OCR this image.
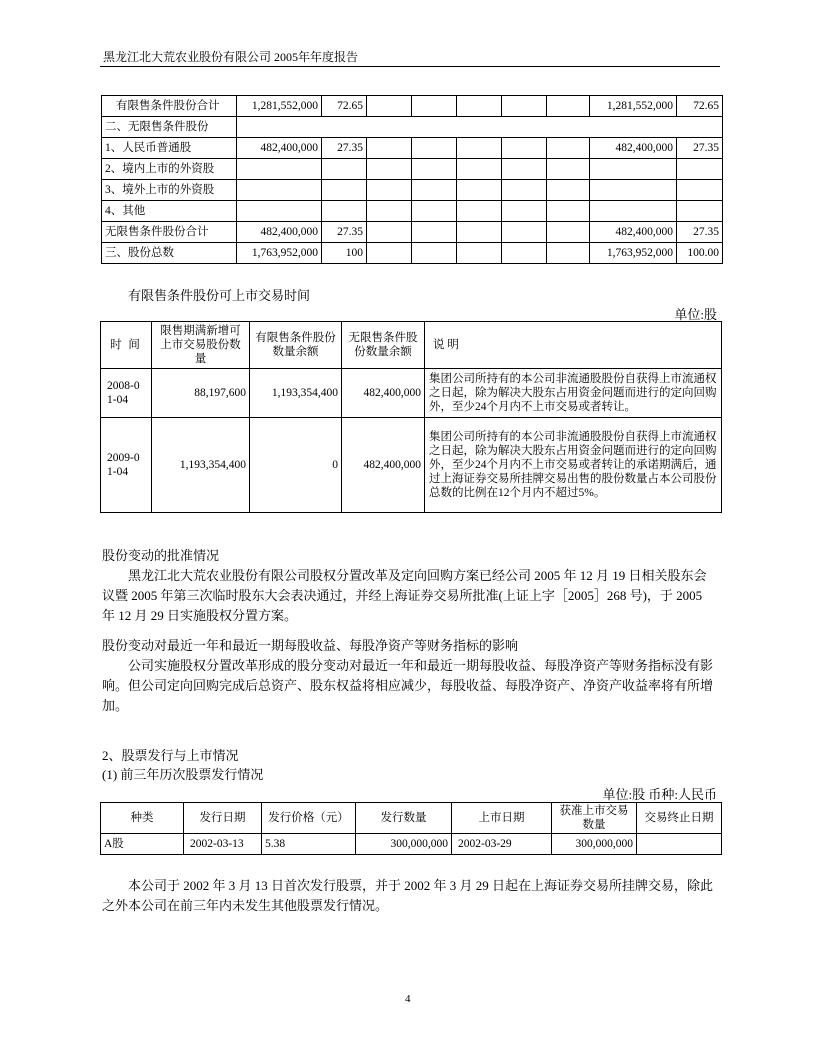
黑龙江北大荒农业股份有限公司 2005年年度报告
有限售条件股份合计	1,281,552,000	72.65						1,281,552,000	72.65
二、无限售条件股份									
1、人民币普通股	482,400,000	27.35						482,400,000	27.35
2、境内上市的外资股									
3、境外上市的外资股									
4、其他									
无限售条件股份合计	482,400,000	27.35						482,400,000	27.35
三、股份总数	1,763,952,000	100						1,763,952,000	100.00
有限售条件股份可上市交易时间
单位:股
时 间	限售期满新增可上市交易股份数量	有限售条件股份数量余额	无限售条件股份数量余额	说 明
2008-01-04	88,197,600	1,193,354,400	482,400,000	集团公司所持有的本公司非流通股股份自获得上市流通权之日起，除为解决大股东占用资金问题而进行的定向回购外，至少24个月内不上市交易或者转让。
2009-01-04	1,193,354,400	0	482,400,000	集团公司所持有的本公司非流通股股份自获得上市流通权之日起，除为解决大股东占用资金问题而进行的定向回购外，至少24个月内不上市交易或者转让的承诺期满后，通过上海证券交易所挂牌交易出售的股份数量占本公司股份总数的比例在12个月内不超过5%。
股份变动的批准情况
黑龙江北大荒农业股份有限公司股权分置改革及定向回购方案已经公司 2005 年 12 月 19 日相关股东会议暨 2005 年第三次临时股东大会表决通过，并经上海证券交易所批准(上证上字［2005］268 号)，于 2005 年 12 月 29 日实施股权分置方案。
股份变动对最近一年和最近一期每股收益、每股净资产等财务指标的影响
公司实施股权分置改革形成的股分变动对最近一年和最近一期每股收益、每股净资产等财务指标没有影响。但公司定向回购完成后总资产、股东权益将相应减少，每股收益、每股净资产、净资产收益率将有所增加。
2、股票发行与上市情况
(1) 前三年历次股票发行情况
单位:股 币种:人民币
种类	发行日期	发行价格（元）	发行数量	上市日期	获准上市交易数量	交易终止日期
A股	2002-03-13	5.38	300,000,000	2002-03-29	300,000,000	
本公司于 2002 年 3 月 13 日首次发行股票，并于 2002 年 3 月 29 日起在上海证券交易所挂牌交易，除此之外本公司在前三年内未发生其他股票发行情况。
4
